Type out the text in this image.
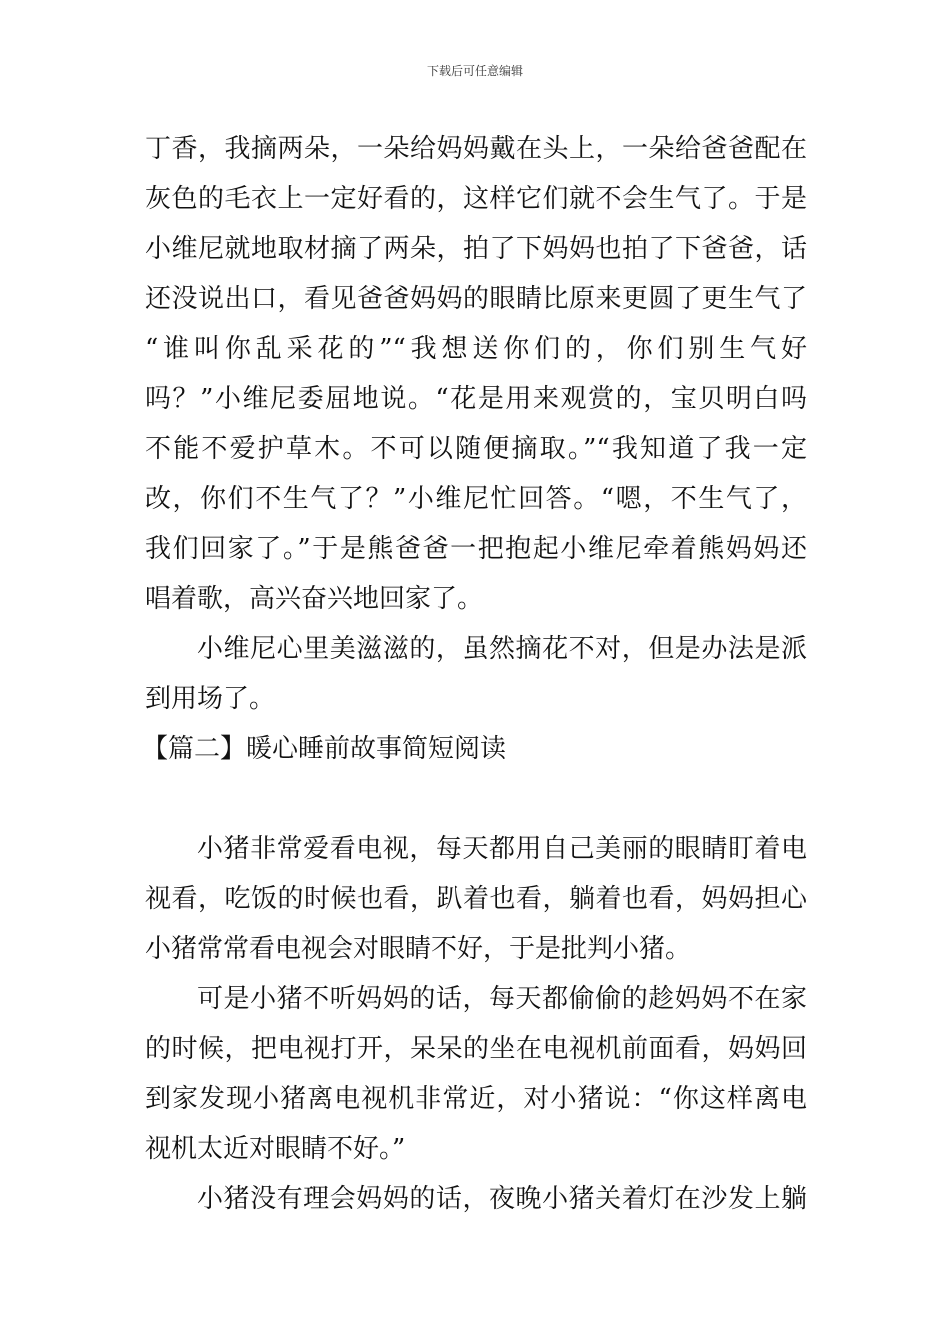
下载后可任意编辑
丁香，我摘两朵，一朵给妈妈戴在头上，一朵给爸爸配在
灰色的毛衣上一定好看的，这样它们就不会生气了。于是
小维尼就地取材摘了两朵，拍了下妈妈也拍了下爸爸，话
还没说出口，看见爸爸妈妈的眼睛比原来更圆了更生气了
“谁叫你乱采花的”“我想送你们的，你们别生气好
吗？”小维尼委屈地说。“花是用来观赏的，宝贝明白吗
不能不爱护草木。不可以随便摘取。”“我知道了我一定
改，你们不生气了？”小维尼忙回答。“嗯，不生气了，
我们回家了。”于是熊爸爸一把抱起小维尼牵着熊妈妈还
唱着歌，高兴奋兴地回家了。
小维尼心里美滋滋的，虽然摘花不对，但是办法是派
到用场了。
【篇二】暖心睡前故事简短阅读
小猪非常爱看电视，每天都用自己美丽的眼睛盯着电
视看，吃饭的时候也看，趴着也看，躺着也看，妈妈担心
小猪常常看电视会对眼睛不好，于是批判小猪。
可是小猪不听妈妈的话，每天都偷偷的趁妈妈不在家
的时候，把电视打开，呆呆的坐在电视机前面看，妈妈回
到家发现小猪离电视机非常近，对小猪说：“你这样离电
视机太近对眼睛不好。”
小猪没有理会妈妈的话，夜晚小猪关着灯在沙发上躺
